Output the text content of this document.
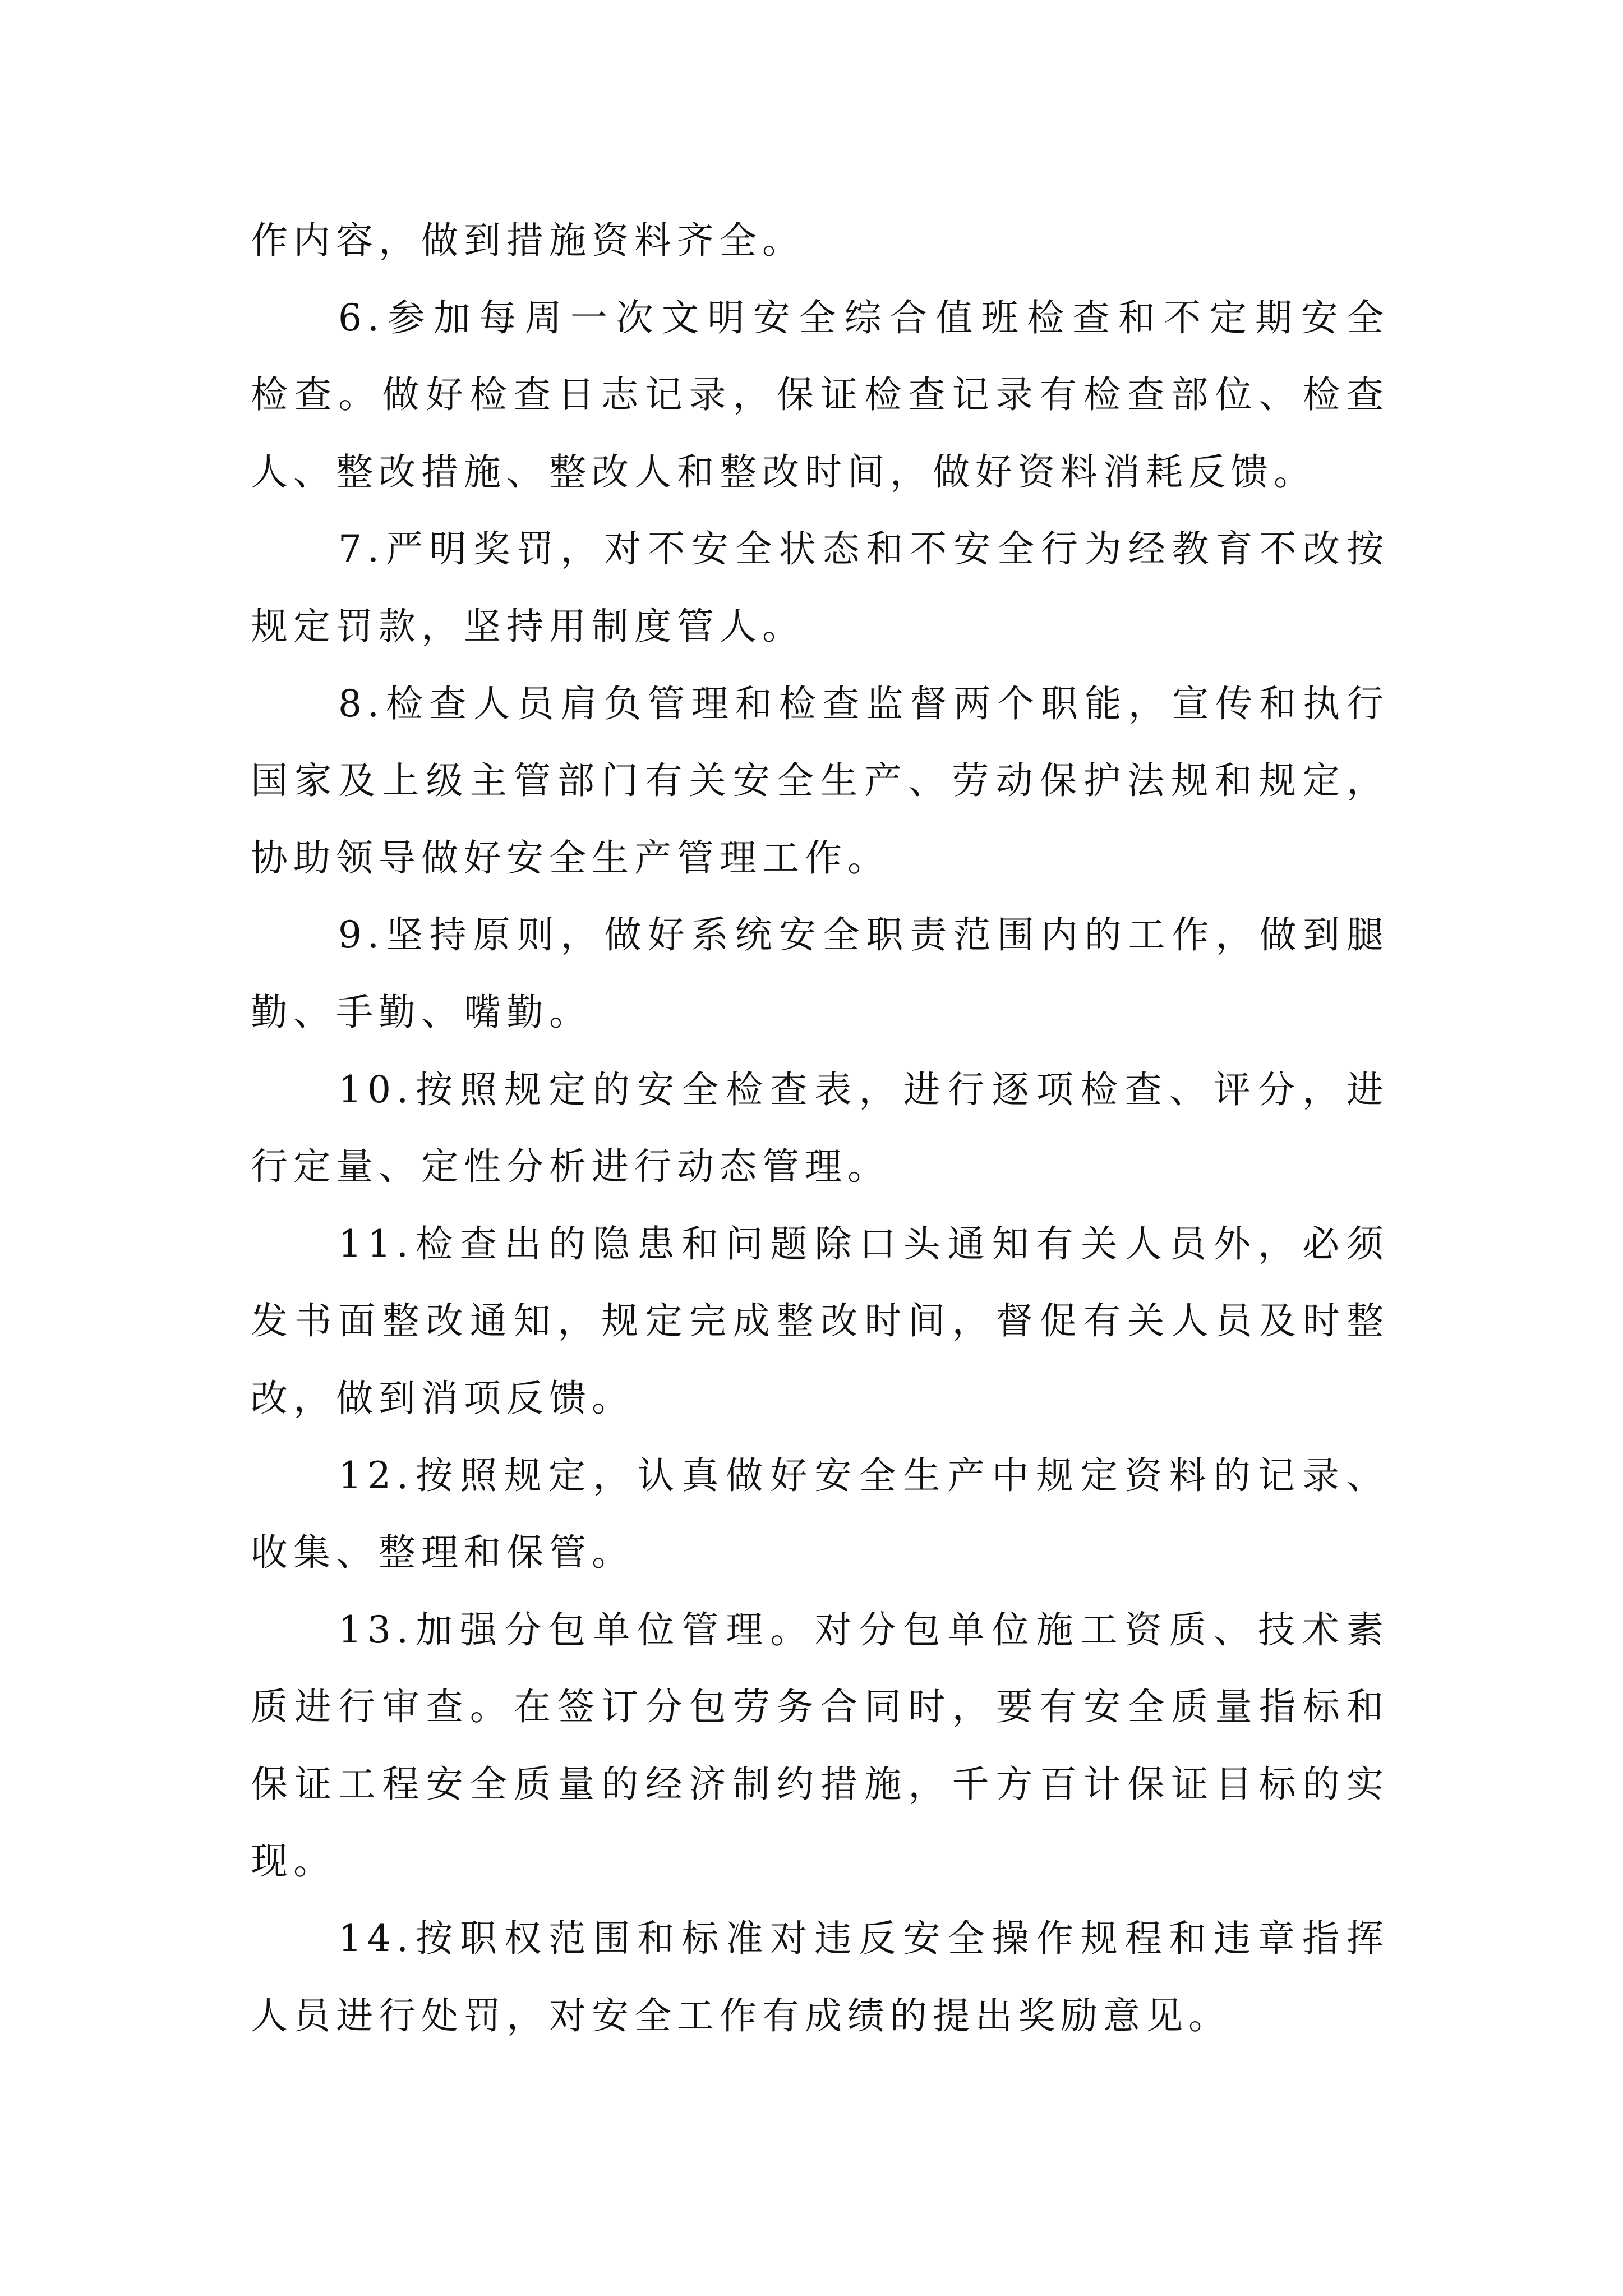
作内容，做到措施资料齐全。
6.参加每周一次文明安全综合值班检查和不定期安全
检查。做好检查日志记录，保证检查记录有检查部位、检查
人、整改措施、整改人和整改时间，做好资料消耗反馈。
7.严明奖罚，对不安全状态和不安全行为经教育不改按
规定罚款，坚持用制度管人。
8.检查人员肩负管理和检查监督两个职能，宣传和执行
国家及上级主管部门有关安全生产、劳动保护法规和规定，
协助领导做好安全生产管理工作。
9.坚持原则，做好系统安全职责范围内的工作，做到腿
勤、手勤、嘴勤。
10.按照规定的安全检查表，进行逐项检查、评分，进
行定量、定性分析进行动态管理。
11.检查出的隐患和问题除口头通知有关人员外，必须
发书面整改通知，规定完成整改时间，督促有关人员及时整
改，做到消项反馈。
12.按照规定，认真做好安全生产中规定资料的记录、
收集、整理和保管。
13.加强分包单位管理。对分包单位施工资质、技术素
质进行审查。在签订分包劳务合同时，要有安全质量指标和
保证工程安全质量的经济制约措施，千方百计保证目标的实
现。
14.按职权范围和标准对违反安全操作规程和违章指挥
人员进行处罚，对安全工作有成绩的提出奖励意见。
